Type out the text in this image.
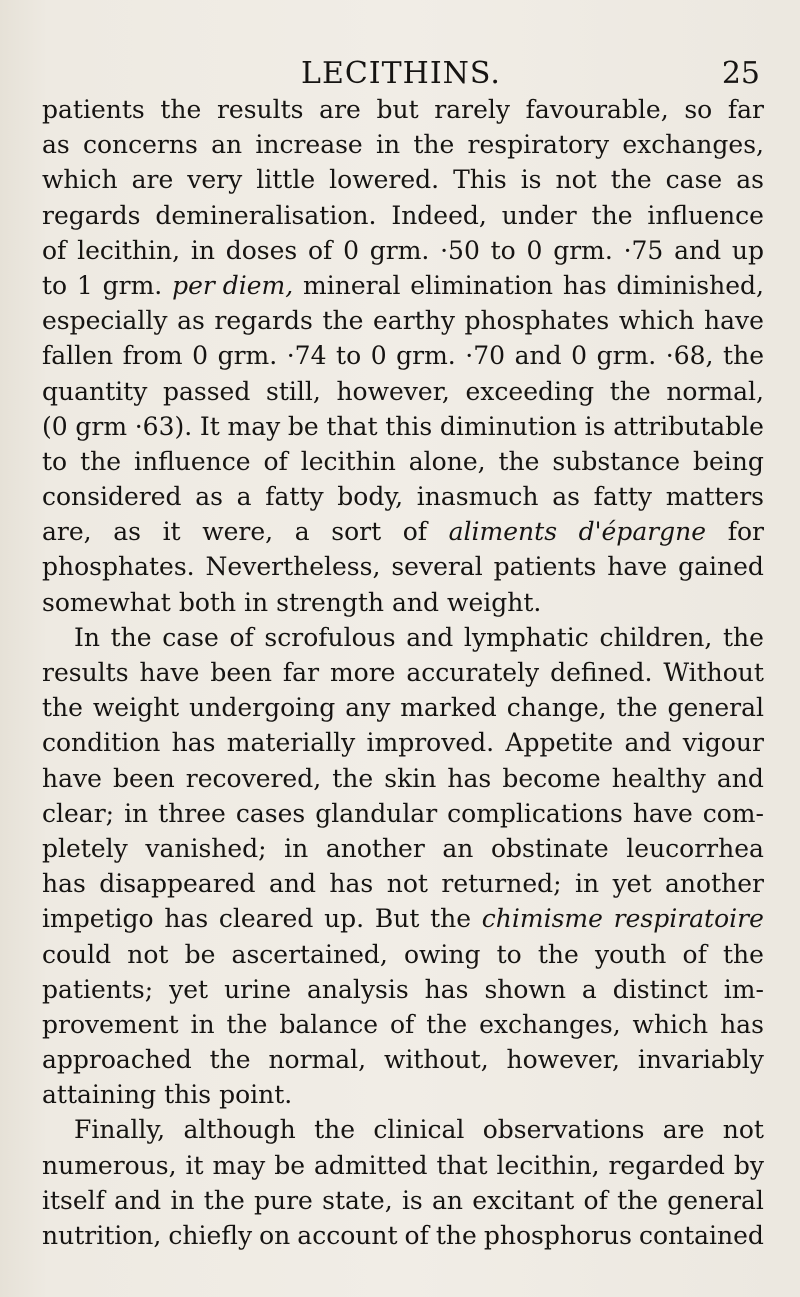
LECITHINS.	25
patients the results are but rarely favourable, so far
as concerns an increase in the respiratory exchanges,
which are very little lowered. This is not the case as
regards demineralisation. Indeed, under the influence
of lecithin, in doses of 0 grm. ·50 to 0 grm. ·75 and up
to 1 grm. per diem, mineral elimination has diminished,
especially as regards the earthy phosphates which have
fallen from 0 grm. ·74 to 0 grm. ·70 and 0 grm. ·68, the
quantity passed still, however, exceeding the normal,
(0 grm ·63). It may be that this diminution is attributable
to the influence of lecithin alone, the substance being
considered as a fatty body, inasmuch as fatty matters
are, as it were, a sort of aliments d'épargne for
phosphates. Nevertheless, several patients have gained
somewhat both in strength and weight.
In the case of scrofulous and lymphatic children, the
results have been far more accurately defined. Without
the weight undergoing any marked change, the general
condition has materially improved. Appetite and vigour
have been recovered, the skin has become healthy and
clear; in three cases glandular complications have com-
pletely vanished; in another an obstinate leucorrhea
has disappeared and has not returned; in yet another
impetigo has cleared up. But the chimisme respiratoire
could not be ascertained, owing to the youth of the
patients; yet urine analysis has shown a distinct im-
provement in the balance of the exchanges, which has
approached the normal, without, however, invariably
attaining this point.
Finally, although the clinical observations are not
numerous, it may be admitted that lecithin, regarded by
itself and in the pure state, is an excitant of the general
nutrition, chiefly on account of the phosphorus contained
